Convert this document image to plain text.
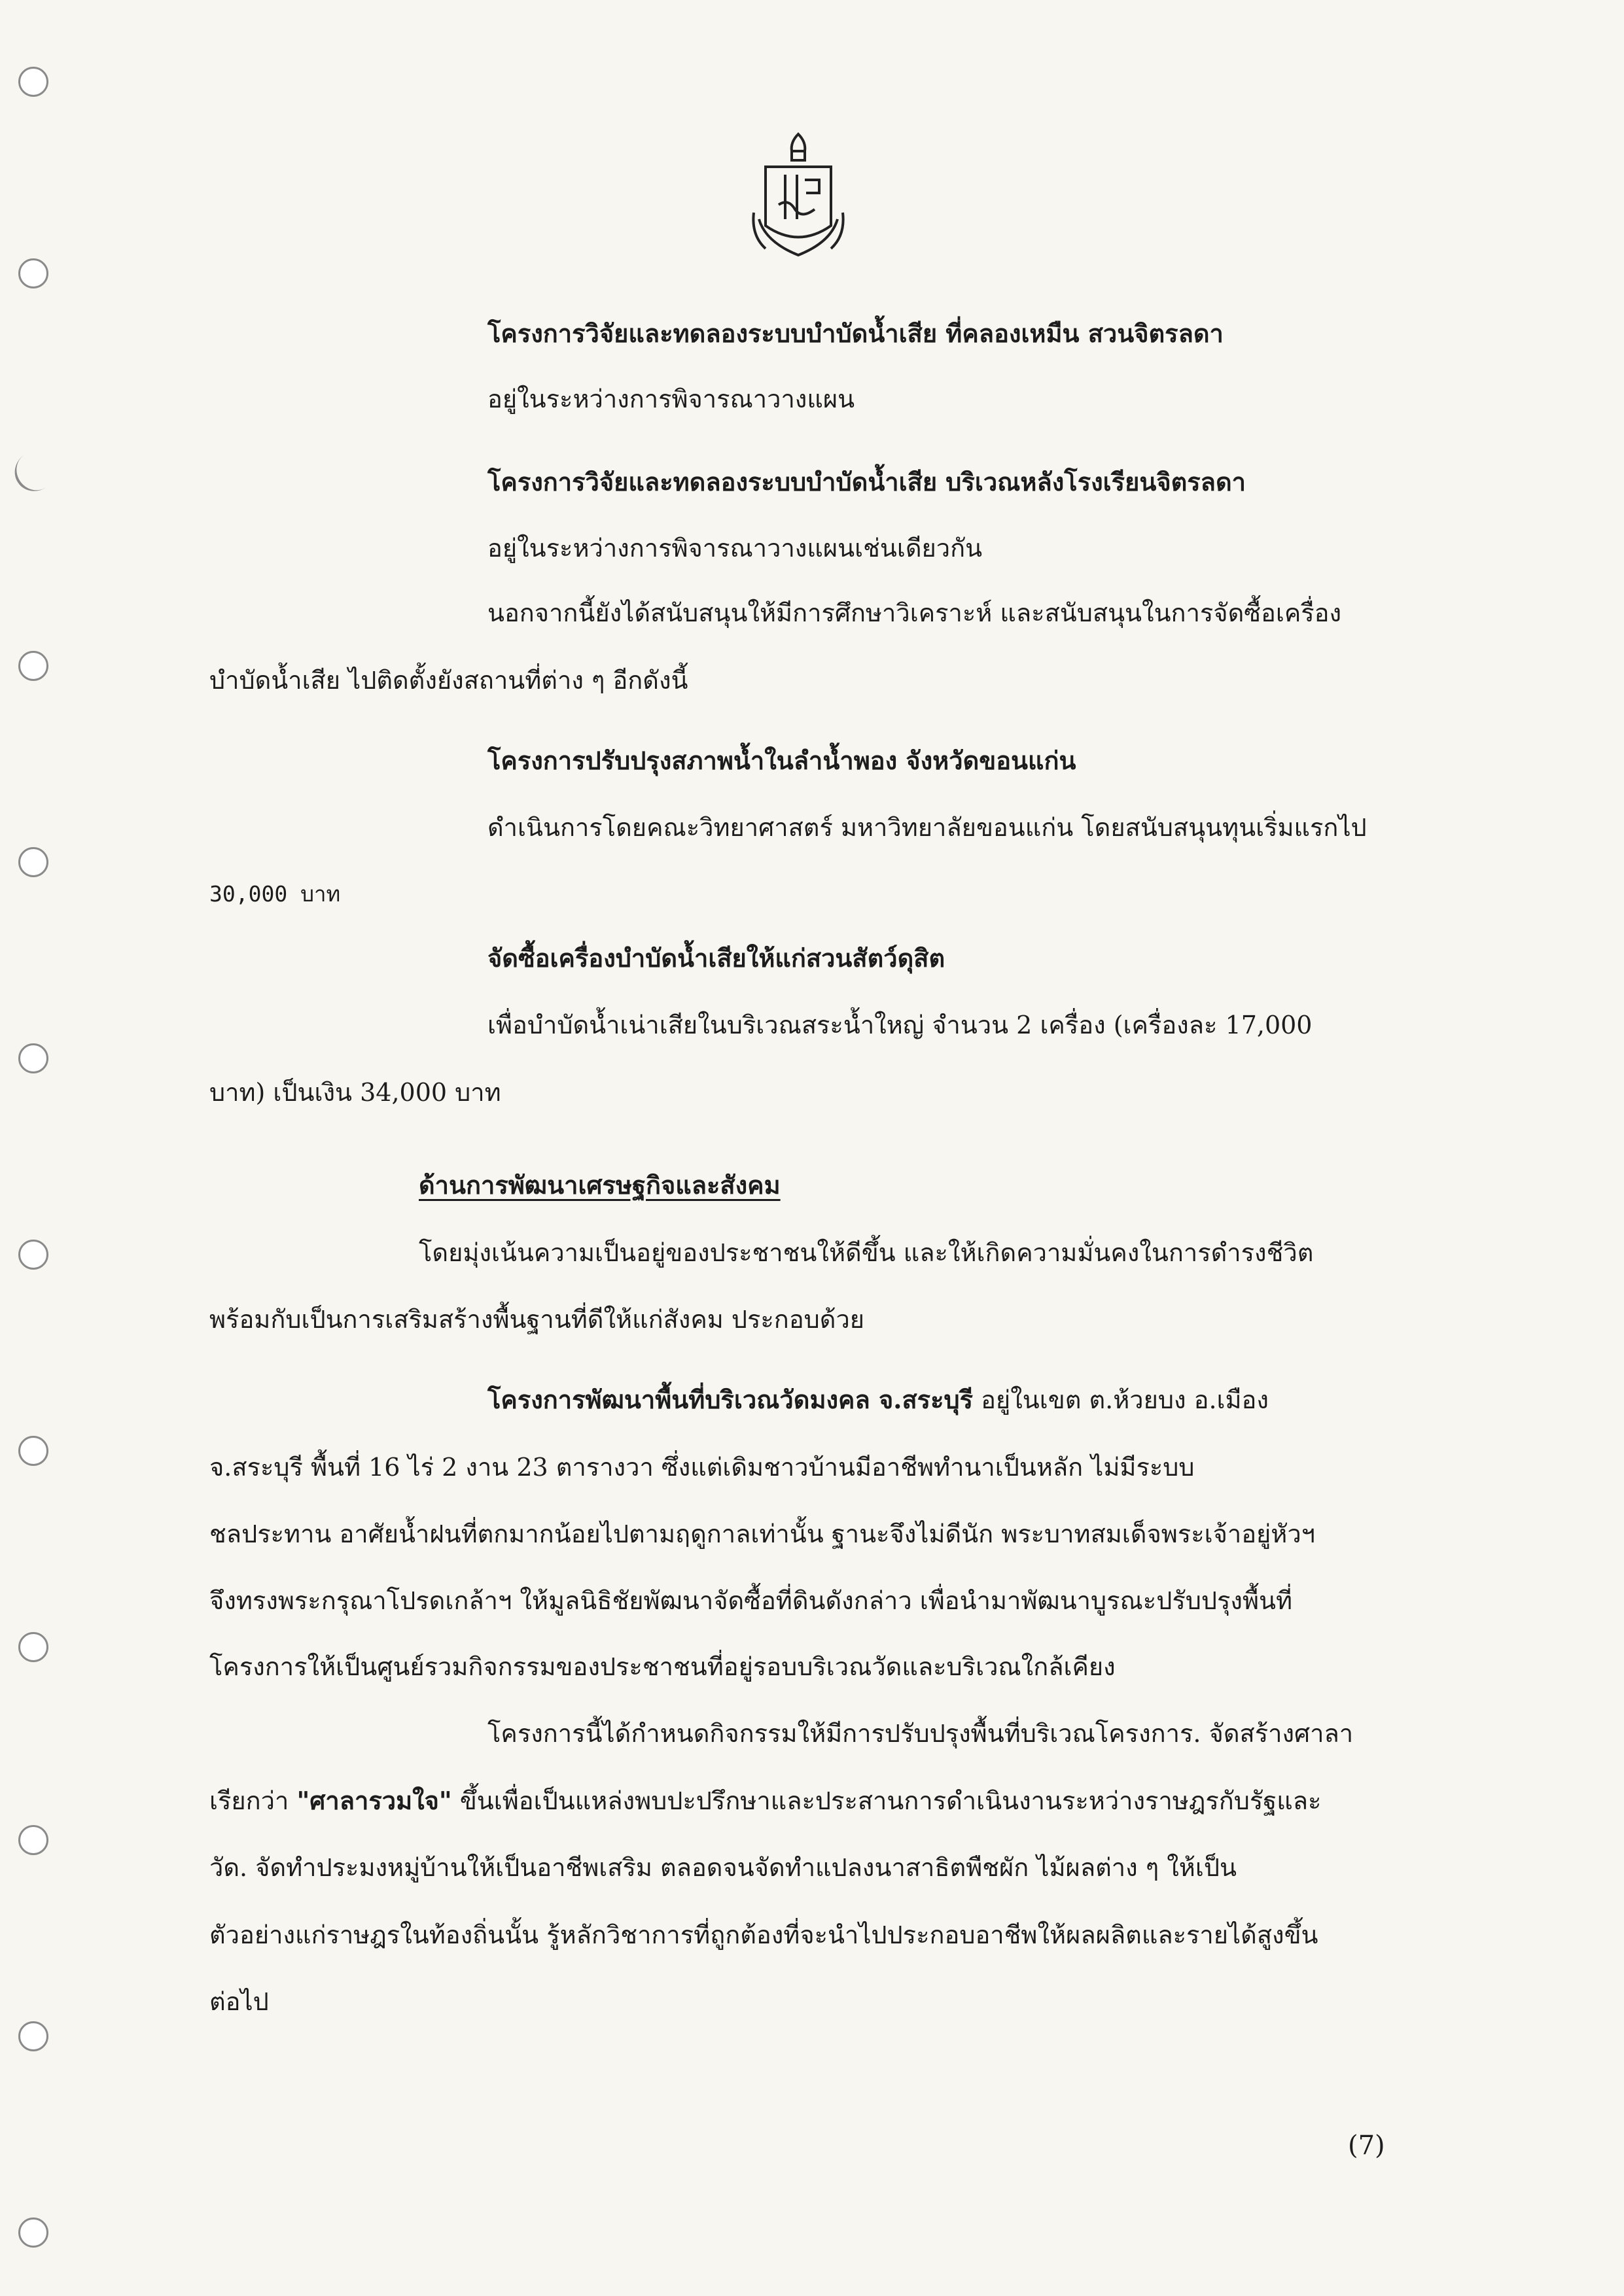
โครงการวิจัยและทดลองระบบบำบัดน้ำเสีย ที่คลองเหมืน สวนจิตรลดา
อยู่ในระหว่างการพิจารณาวางแผน
โครงการวิจัยและทดลองระบบบำบัดน้ำเสีย บริเวณหลังโรงเรียนจิตรลดา
อยู่ในระหว่างการพิจารณาวางแผนเช่นเดียวกัน
นอกจากนี้ยังได้สนับสนุนให้มีการศึกษาวิเคราะห์ และสนับสนุนในการจัดซื้อเครื่อง
บำบัดน้ำเสีย ไปติดตั้งยังสถานที่ต่าง ๆ อีกดังนี้
โครงการปรับปรุงสภาพน้ำในลำน้ำพอง จังหวัดขอนแก่น
ดำเนินการโดยคณะวิทยาศาสตร์ มหาวิทยาลัยขอนแก่น โดยสนับสนุนทุนเริ่มแรกไป
30,000 บาท
จัดซื้อเครื่องบำบัดน้ำเสียให้แก่สวนสัตว์ดุสิต
เพื่อบำบัดน้ำเน่าเสียในบริเวณสระน้ำใหญ่ จำนวน 2 เครื่อง (เครื่องละ 17,000
บาท) เป็นเงิน 34,000 บาท
ด้านการพัฒนาเศรษฐกิจและสังคม
โดยมุ่งเน้นความเป็นอยู่ของประชาชนให้ดีขึ้น และให้เกิดความมั่นคงในการดำรงชีวิต
พร้อมกับเป็นการเสริมสร้างพื้นฐานที่ดีให้แก่สังคม ประกอบด้วย
โครงการพัฒนาพื้นที่บริเวณวัดมงคล จ.สระบุรี อยู่ในเขต ต.ห้วยบง อ.เมือง
จ.สระบุรี พื้นที่ 16 ไร่ 2 งาน 23 ตารางวา ซึ่งแต่เดิมชาวบ้านมีอาชีพทำนาเป็นหลัก ไม่มีระบบ
ชลประทาน อาศัยน้ำฝนที่ตกมากน้อยไปตามฤดูกาลเท่านั้น ฐานะจึงไม่ดีนัก พระบาทสมเด็จพระเจ้าอยู่หัวฯ
จึงทรงพระกรุณาโปรดเกล้าฯ ให้มูลนิธิชัยพัฒนาจัดซื้อที่ดินดังกล่าว เพื่อนำมาพัฒนาบูรณะปรับปรุงพื้นที่
โครงการให้เป็นศูนย์รวมกิจกรรมของประชาชนที่อยู่รอบบริเวณวัดและบริเวณใกล้เคียง
โครงการนี้ได้กำหนดกิจกรรมให้มีการปรับปรุงพื้นที่บริเวณโครงการ. จัดสร้างศาลา
เรียกว่า "ศาลารวมใจ" ขึ้นเพื่อเป็นแหล่งพบปะปรึกษาและประสานการดำเนินงานระหว่างราษฎรกับรัฐและ
วัด. จัดทำประมงหมู่บ้านให้เป็นอาชีพเสริม ตลอดจนจัดทำแปลงนาสาธิตพืชผัก ไม้ผลต่าง ๆ ให้เป็น
ตัวอย่างแก่ราษฎรในท้องถิ่นนั้น รู้หลักวิชาการที่ถูกต้องที่จะนำไปประกอบอาชีพให้ผลผลิตและรายได้สูงขึ้น
ต่อไป
(7)
